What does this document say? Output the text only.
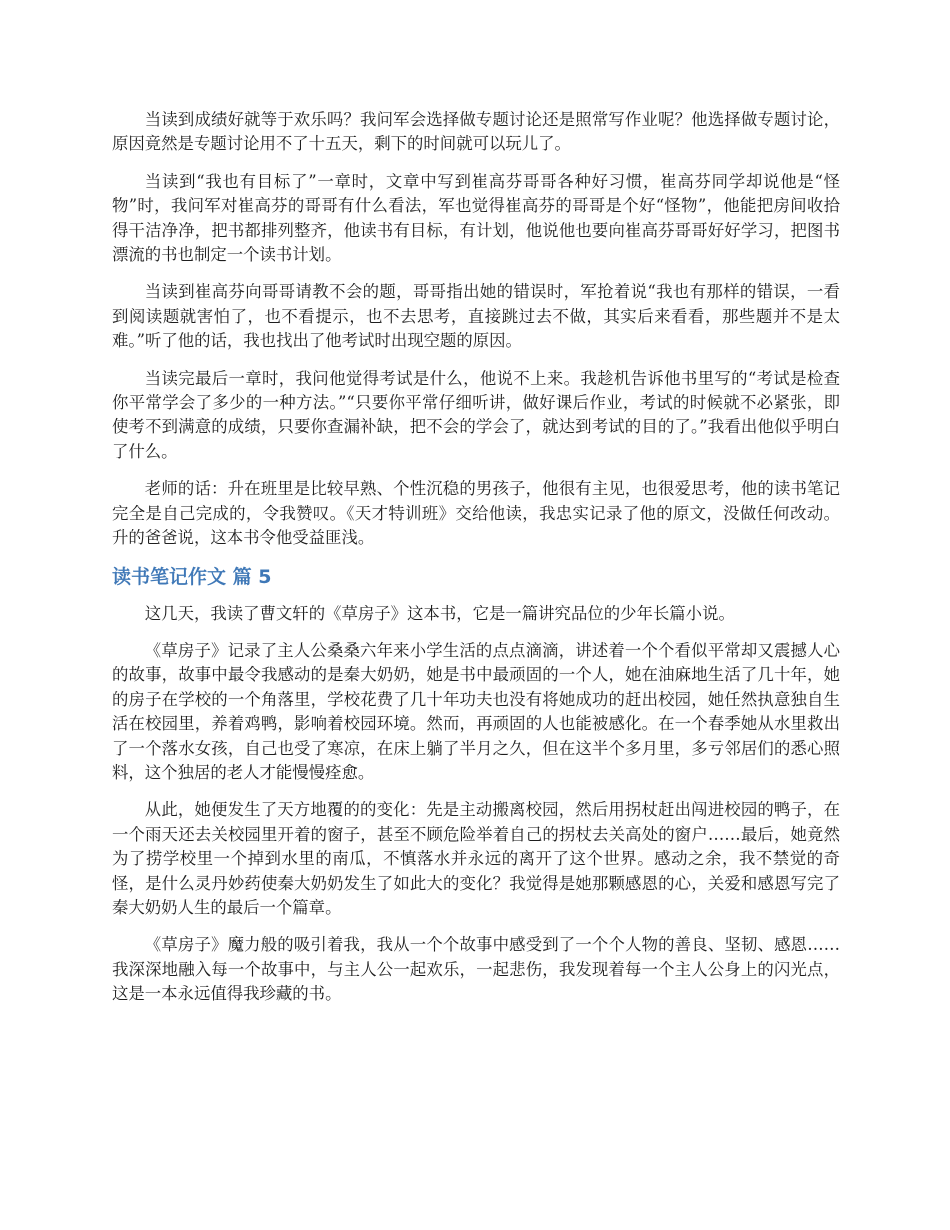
当读到成绩好就等于欢乐吗？我问军会选择做专题讨论还是照常写作业呢？他选择做专题讨论，原因竟然是专题讨论用不了十五天，剩下的时间就可以玩儿了。

当读到“我也有目标了”一章时，文章中写到崔高芬哥哥各种好习惯，崔高芬同学却说他是“怪物”时，我问军对崔高芬的哥哥有什么看法，军也觉得崔高芬的哥哥是个好“怪物”，他能把房间收拾得干洁净净，把书都排列整齐，他读书有目标，有计划，他说他也要向崔高芬哥哥好好学习，把图书漂流的书也制定一个读书计划。

当读到崔高芬向哥哥请教不会的题，哥哥指出她的错误时，军抢着说“我也有那样的错误，一看到阅读题就害怕了，也不看提示，也不去思考，直接跳过去不做，其实后来看看，那些题并不是太难。”听了他的话，我也找出了他考试时出现空题的原因。

当读完最后一章时，我问他觉得考试是什么，他说不上来。我趁机告诉他书里写的“考试是检查你平常学会了多少的一种方法。”“只要你平常仔细听讲，做好课后作业，考试的时候就不必紧张，即使考不到满意的成绩，只要你查漏补缺，把不会的学会了，就达到考试的目的了。”我看出他似乎明白了什么。

老师的话：升在班里是比较早熟、个性沉稳的男孩子，他很有主见，也很爱思考，他的读书笔记完全是自己完成的，令我赞叹。《天才特训班》交给他读，我忠实记录了他的原文，没做任何改动。升的爸爸说，这本书令他受益匪浅。

读书笔记作文 篇 5

这几天，我读了曹文轩的《草房子》这本书，它是一篇讲究品位的少年长篇小说。

《草房子》记录了主人公桑桑六年来小学生活的点点滴滴，讲述着一个个看似平常却又震撼人心的故事，故事中最令我感动的是秦大奶奶，她是书中最顽固的一个人，她在油麻地生活了几十年，她的房子在学校的一个角落里，学校花费了几十年功夫也没有将她成功的赶出校园，她任然执意独自生活在校园里，养着鸡鸭，影响着校园环境。然而，再顽固的人也能被感化。在一个春季她从水里救出了一个落水女孩，自己也受了寒凉，在床上躺了半月之久，但在这半个多月里，多亏邻居们的悉心照料，这个独居的老人才能慢慢痊愈。

从此，她便发生了天方地覆的的变化：先是主动搬离校园，然后用拐杖赶出闯进校园的鸭子，在一个雨天还去关校园里开着的窗子，甚至不顾危险举着自己的拐杖去关高处的窗户……最后，她竟然为了捞学校里一个掉到水里的南瓜，不慎落水并永远的离开了这个世界。感动之余，我不禁觉的奇怪，是什么灵丹妙药使秦大奶奶发生了如此大的变化？我觉得是她那颗感恩的心，关爱和感恩写完了秦大奶奶人生的最后一个篇章。

《草房子》魔力般的吸引着我，我从一个个故事中感受到了一个个人物的善良、坚韧、感恩……我深深地融入每一个故事中，与主人公一起欢乐，一起悲伤，我发现着每一个主人公身上的闪光点，这是一本永远值得我珍藏的书。
